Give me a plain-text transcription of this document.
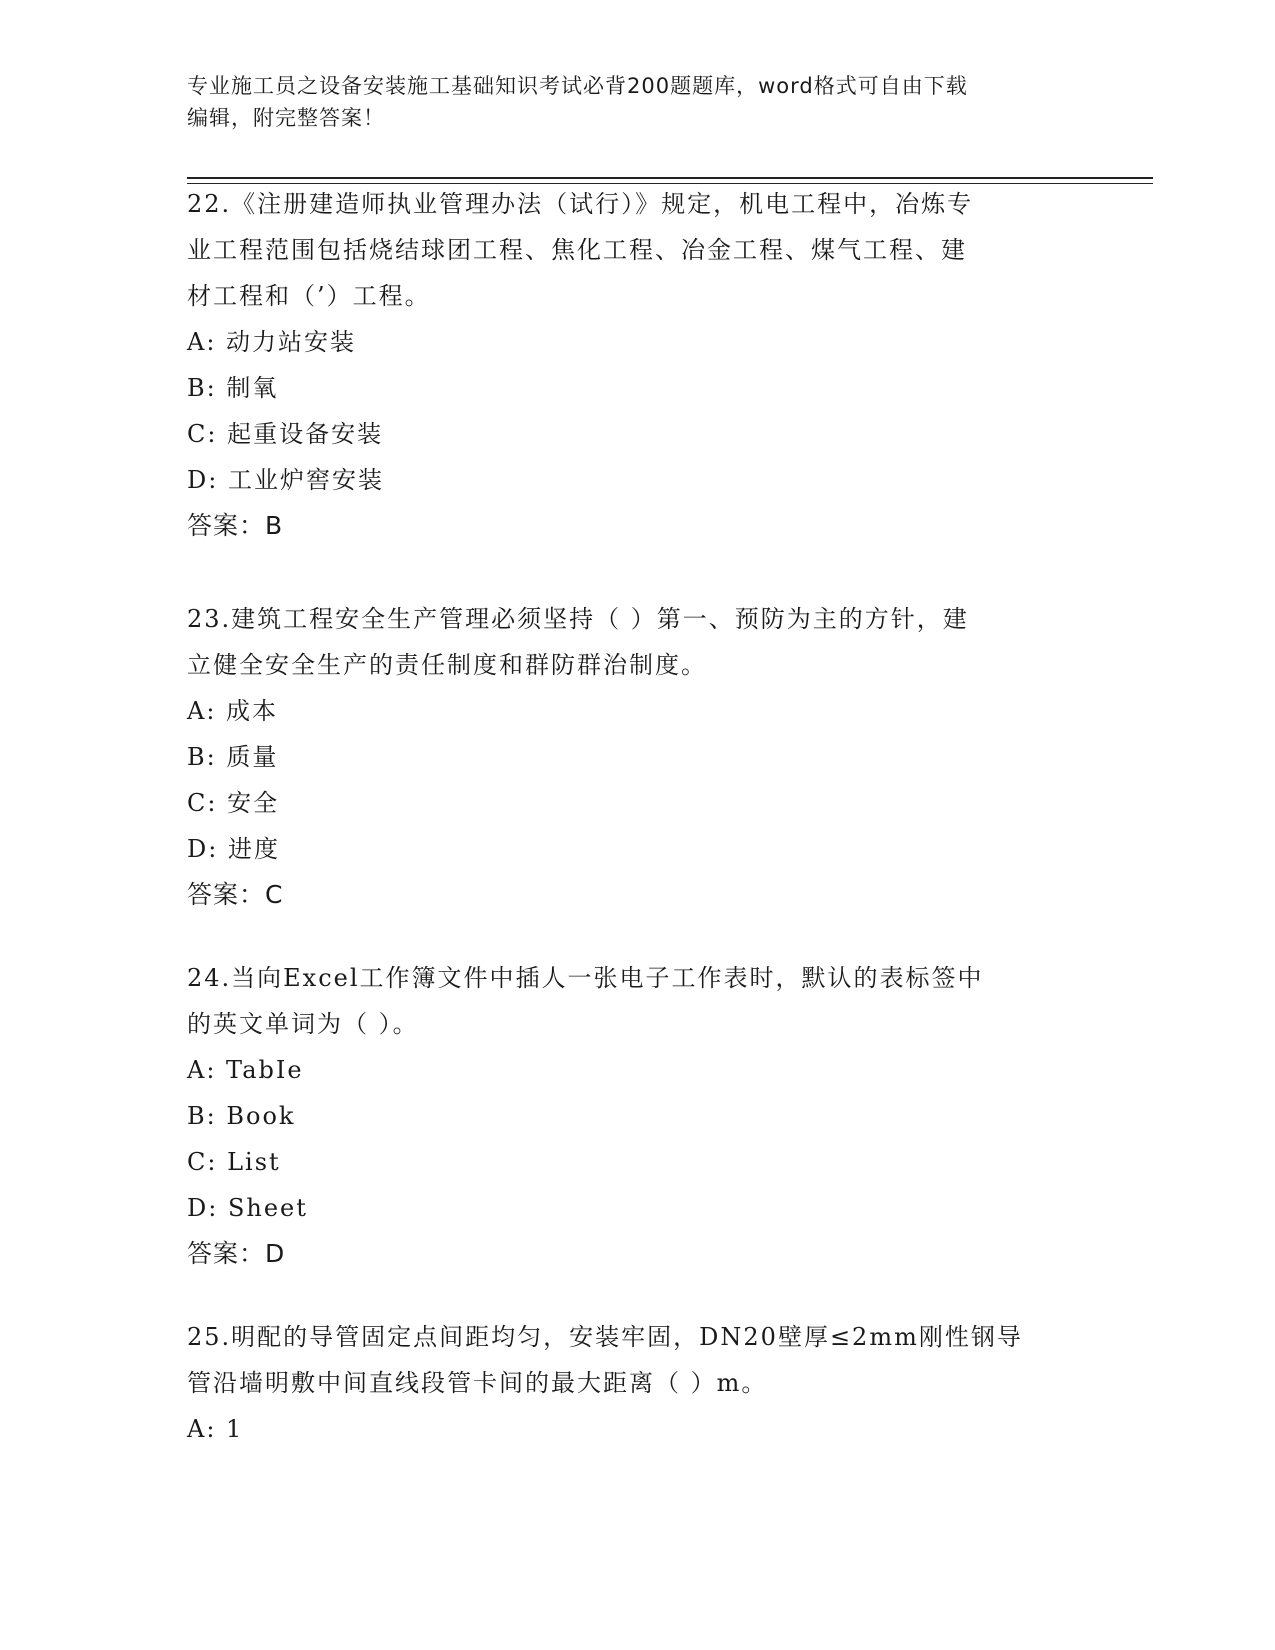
专业施工员之设备安装施工基础知识考试必背200题题库，word格式可自由下载
编辑，附完整答案！
22.《注册建造师执业管理办法（试行）》规定，机电工程中，冶炼专
业工程范围包括烧结球团工程、焦化工程、冶金工程、煤气工程、建
材工程和（’）工程。
A: 动力站安装
B: 制氧
C: 起重设备安装
D: 工业炉窖安装
答案：B
23.建筑工程安全生产管理必须坚持（ ）第一、预防为主的方针，建
立健全安全生产的责任制度和群防群治制度。
A: 成本
B: 质量
C: 安全
D: 进度
答案：C
24.当向Excel工作簿文件中插人一张电子工作表时，默认的表标签中
的英文单词为（ ）。
A: TabIe
B: Book
C: List
D: Sheet
答案：D
25.明配的导管固定点间距均匀，安装牢固，DN20壁厚≤2mm刚性钢导
管沿墙明敷中间直线段管卡间的最大距离（ ）m。
A: 1
